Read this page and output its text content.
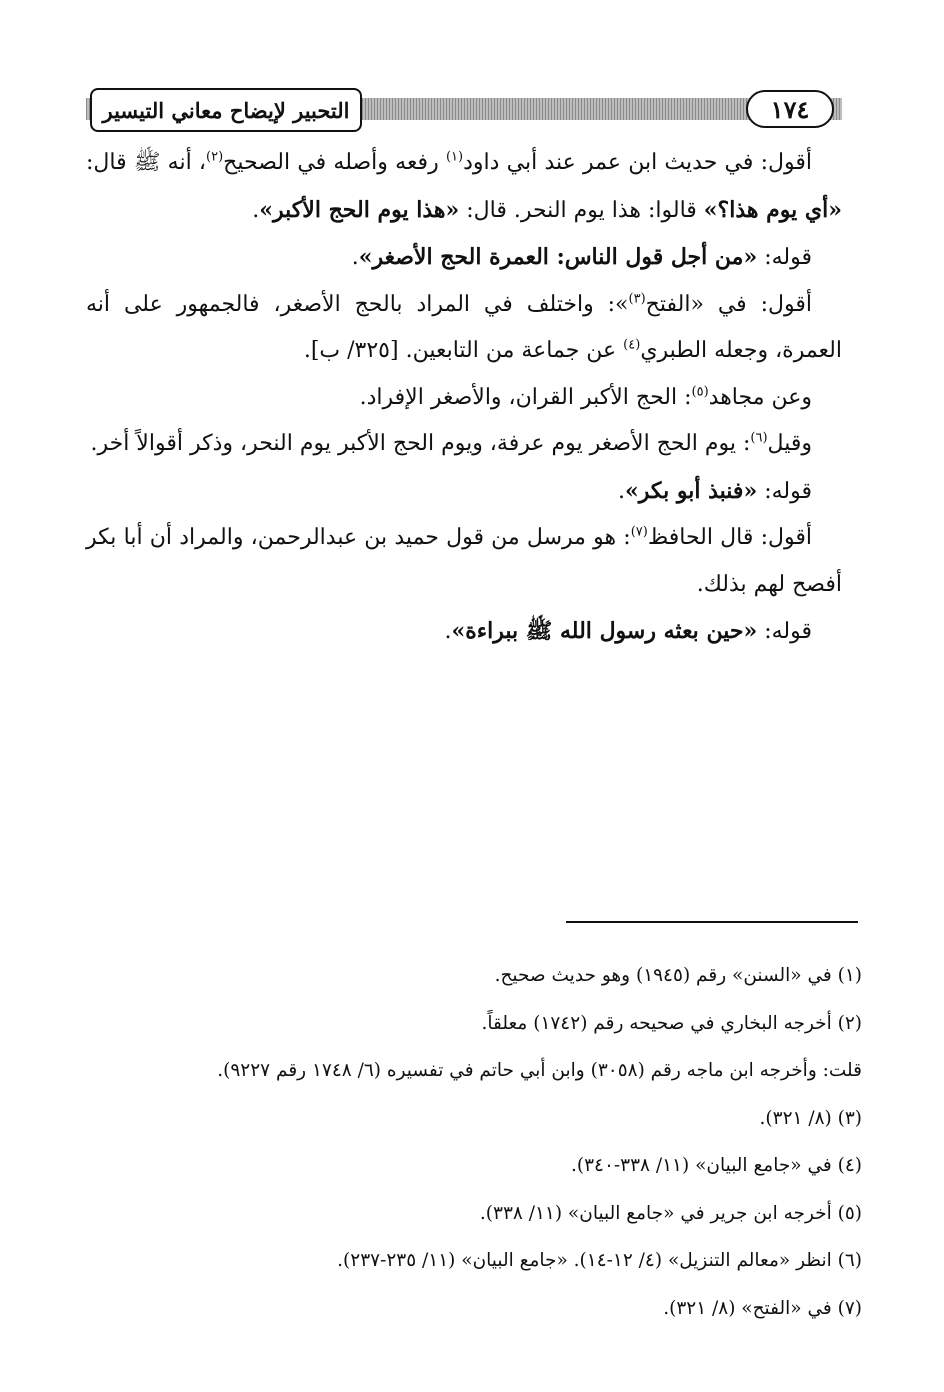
التحبير لإيضاح معاني التيسير	١٧٤

أقول: في حديث ابن عمر عند أبي داود$^{(١)}$ رفعه وأصله في الصحيح$^{(٢)}$، أنه ﷺ قال: «أي يوم هذا؟» قالوا: هذا يوم النحر. قال: «هذا يوم الحج الأكبر».

قوله: «من أجل قول الناس: العمرة الحج الأصغر».

أقول: في «الفتح$^{(٣)}$»: واختلف في المراد بالحج الأصغر، فالجمهور على أنه العمرة، وجعله الطبري$^{(٤)}$ عن جماعة من التابعين. [٣٢٥/ ب].

وعن مجاهد$^{(٥)}$: الحج الأكبر القران، والأصغر الإفراد.

وقيل$^{(٦)}$: يوم الحج الأصغر يوم عرفة، ويوم الحج الأكبر يوم النحر، وذكر أقوالاً أخر.

قوله: «فنبذ أبو بكر».

أقول: قال الحافظ$^{(٧)}$: هو مرسل من قول حميد بن عبدالرحمن، والمراد أن أبا بكر أفصح لهم بذلك.

قوله: «حين بعثه رسول الله ﷺ ببراءة».

(١) في «السنن» رقم (١٩٤٥) وهو حديث صحيح.

(٢) أخرجه البخاري في صحيحه رقم (١٧٤٢) معلقاً.

قلت: وأخرجه ابن ماجه رقم (٣٠٥٨) وابن أبي حاتم في تفسيره (٦/ ١٧٤٨ رقم ٩٢٢٧).

(٣) (٨/ ٣٢١).

(٤) في «جامع البيان» (١١/ ٣٣٨-٣٤٠).

(٥) أخرجه ابن جرير في «جامع البيان» (١١/ ٣٣٨).

(٦) انظر «معالم التنزيل» (٤/ ١٢-١٤). «جامع البيان» (١١/ ٢٣٥-٢٣٧).

(٧) في «الفتح» (٨/ ٣٢١).
